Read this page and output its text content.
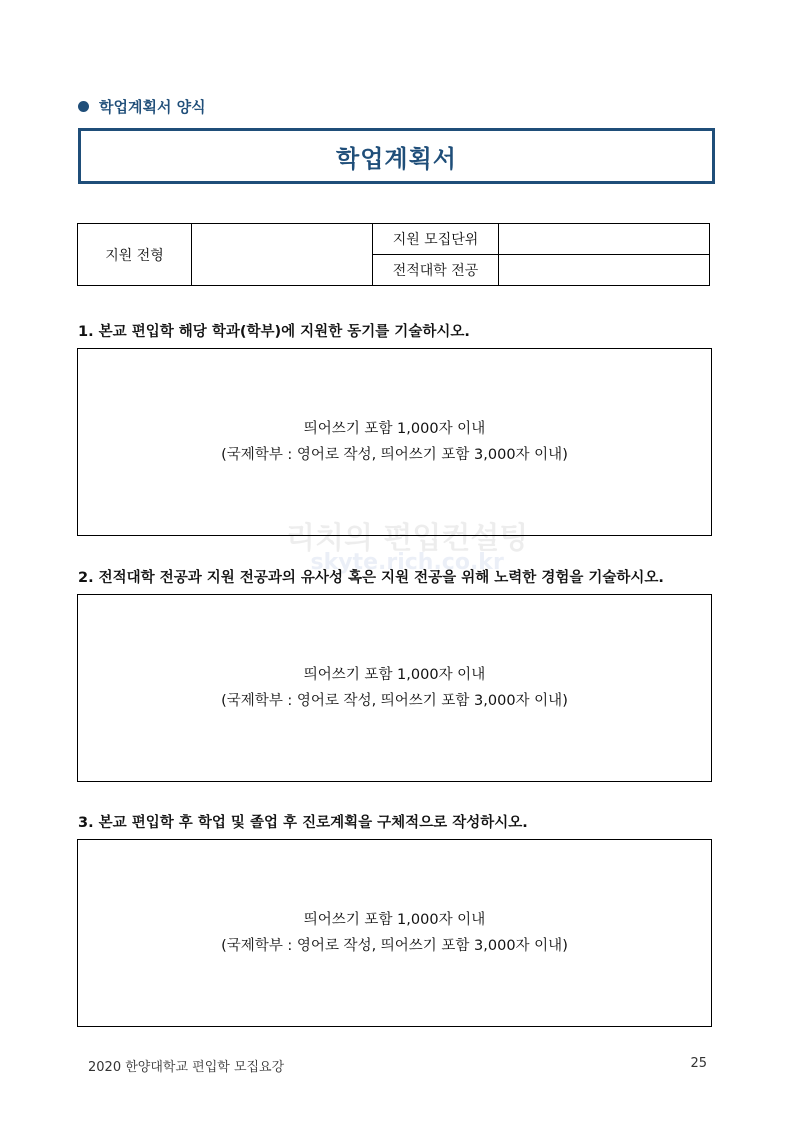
학업계획서 양식
학업계획서
지원 전형		지원 모집단위	
		전적대학 전공	
1. 본교 편입학 해당 학과(학부)에 지원한 동기를 기술하시오.
띄어쓰기 포함 1,000자 이내
(국제학부 : 영어로 작성, 띄어쓰기 포함 3,000자 이내)
리치의 편입컨설팅
skyte.rich.co.kr
2. 전적대학 전공과 지원 전공과의 유사성 혹은 지원 전공을 위해 노력한 경험을 기술하시오.
띄어쓰기 포함 1,000자 이내
(국제학부 : 영어로 작성, 띄어쓰기 포함 3,000자 이내)
3. 본교 편입학 후 학업 및 졸업 후 진로계획을 구체적으로 작성하시오.
띄어쓰기 포함 1,000자 이내
(국제학부 : 영어로 작성, 띄어쓰기 포함 3,000자 이내)
2020 한양대학교 편입학 모집요강	25
